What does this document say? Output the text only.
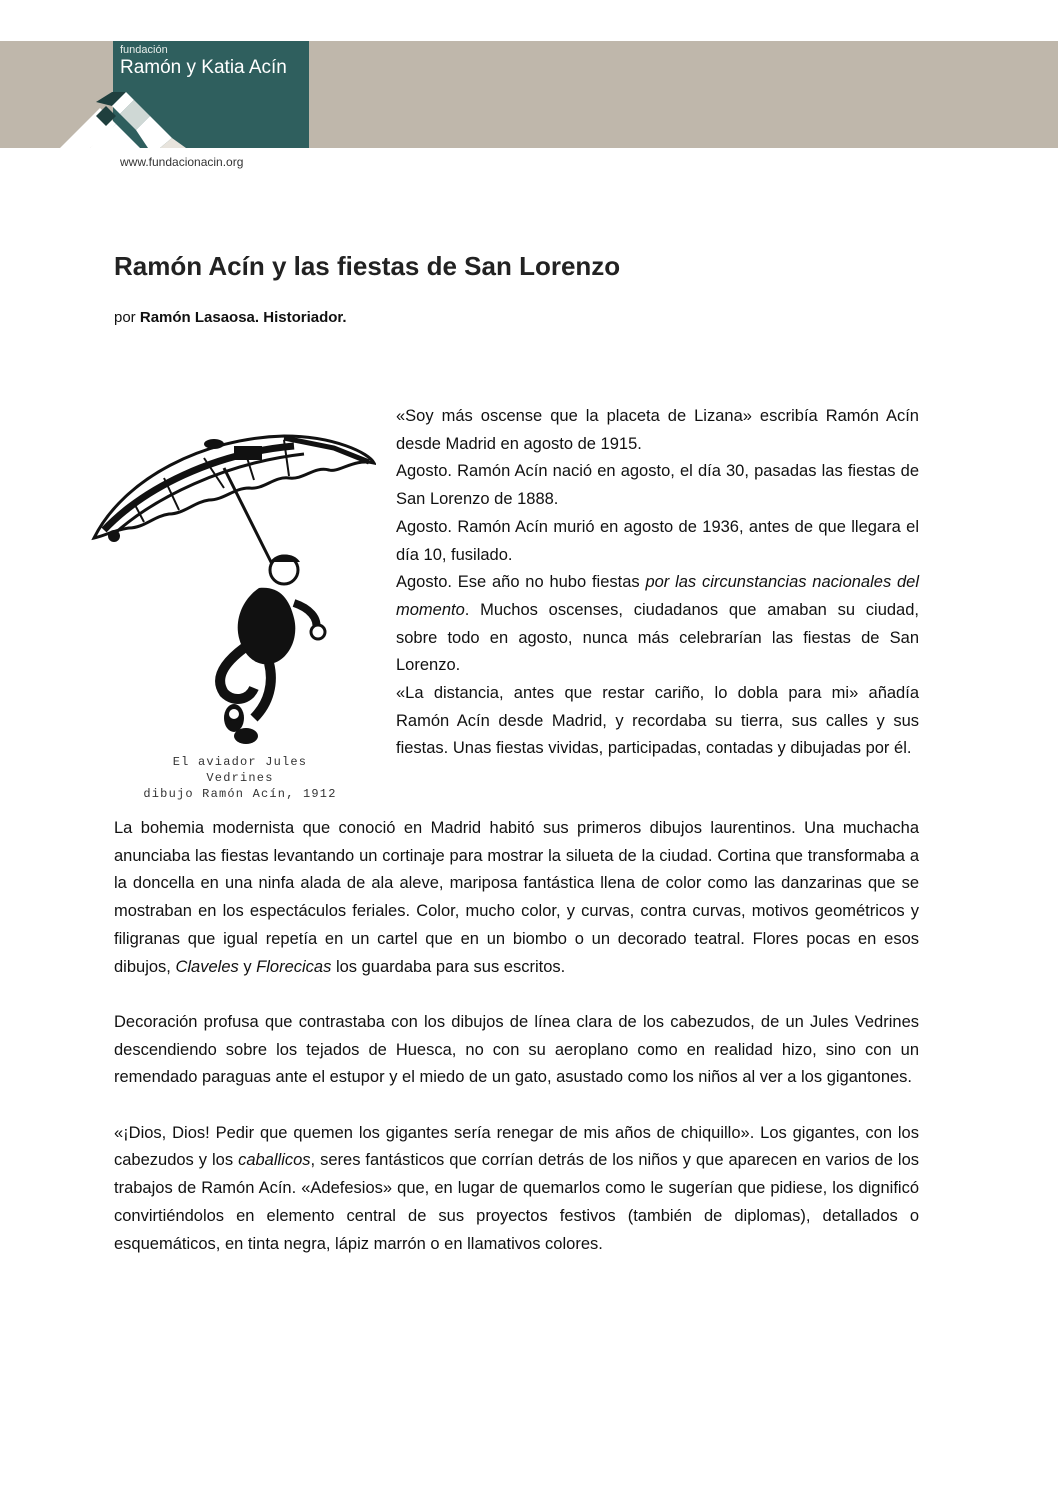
fundación
Ramón y Katia Acín
www.fundacionacin.org
Ramón Acín y las fiestas de San Lorenzo
por Ramón Lasaosa. Historiador.
El aviador Jules Vedrines
dibujo Ramón Acín, 1912

«Soy más oscense que la placeta de Lizana» escribía Ramón Acín desde Madrid en agosto de 1915.

Agosto. Ramón Acín nació en agosto, el día 30, pasadas las fiestas de San Lorenzo de 1888.

Agosto. Ramón Acín murió en agosto de 1936, antes de que llegara el día 10, fusilado.

Agosto. Ese año no hubo fiestas por las circunstancias nacionales del momento. Muchos oscenses, ciudadanos que amaban su ciudad, sobre todo en agosto, nunca más celebrarían las fiestas de San Lorenzo.

«La distancia, antes que restar cariño, lo dobla para mi» añadía Ramón Acín desde Madrid, y recordaba su tierra, sus calles y sus fiestas. Unas fiestas vividas, participadas, contadas y dibujadas por él.

La bohemia modernista que conoció en Madrid habitó sus primeros dibujos laurentinos. Una muchacha anunciaba las fiestas levantando un cortinaje para mostrar la silueta de la ciudad. Cortina que transformaba a la doncella en una ninfa alada de ala aleve, mariposa fantástica llena de color como las danzarinas que se mostraban en los espectáculos feriales. Color, mucho color, y curvas, contra curvas, motivos geométricos y filigranas que igual repetía en un cartel que en un biombo o un decorado teatral. Flores pocas en esos dibujos, Claveles y Florecicas los guardaba para sus escritos.

Decoración profusa que contrastaba con los dibujos de línea clara de los cabezudos, de un Jules Vedrines descendiendo sobre los tejados de Huesca, no con su aeroplano como en realidad hizo, sino con un remendado paraguas ante el estupor y el miedo de un gato, asustado como los niños al ver a los gigantones.

«¡Dios, Dios! Pedir que quemen los gigantes sería renegar de mis años de chiquillo». Los gigantes, con los cabezudos y los caballicos, seres fantásticos que corrían detrás de los niños y que aparecen en varios de los trabajos de Ramón Acín. «Adefesios» que, en lugar de quemarlos como le sugerían que pidiese, los dignificó convirtiéndolos en elemento central de sus proyectos festivos (también de diplomas), detallados o esquemáticos, en tinta negra, lápiz marrón o en llamativos colores.
